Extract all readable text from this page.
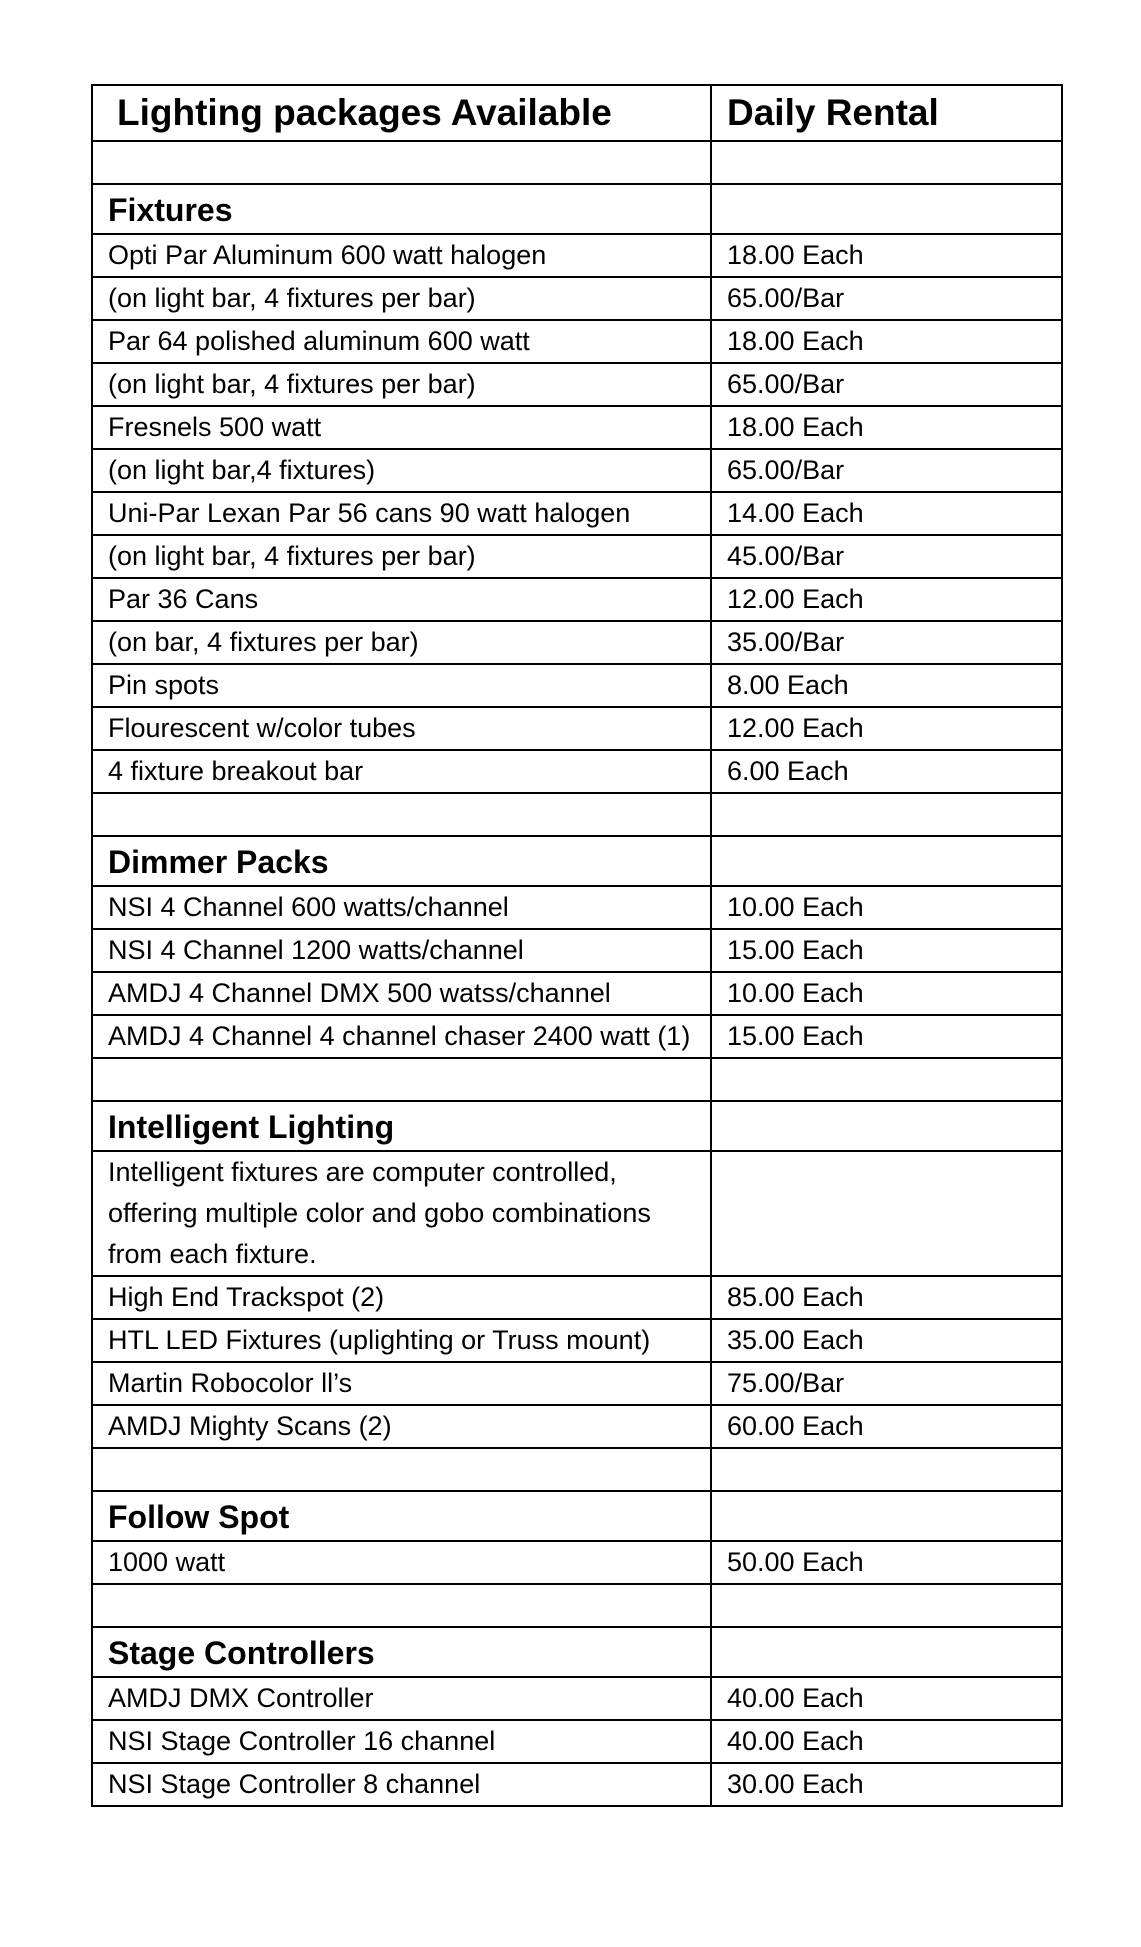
Lighting packages Available	Daily Rental

Fixtures	
Opti Par Aluminum 600 watt halogen	18.00 Each
(on light bar, 4 fixtures per bar)	65.00/Bar
Par 64 polished aluminum 600 watt	18.00 Each
(on light bar, 4 fixtures per bar)	65.00/Bar
Fresnels 500 watt	18.00 Each
(on light bar,4 fixtures)	65.00/Bar
Uni-Par Lexan Par 56 cans 90 watt halogen	14.00 Each
(on light bar, 4 fixtures per bar)	45.00/Bar
Par 36 Cans	12.00 Each
(on bar, 4 fixtures per bar)	35.00/Bar
Pin spots	8.00 Each
Flourescent w/color tubes	12.00 Each
4 fixture breakout bar	6.00 Each

Dimmer Packs	
NSI 4 Channel 600 watts/channel	10.00 Each
NSI 4 Channel 1200 watts/channel	15.00 Each
AMDJ 4 Channel DMX 500 watss/channel	10.00 Each
AMDJ 4 Channel 4 channel chaser 2400 watt (1)	15.00 Each

Intelligent Lighting	
Intelligent fixtures are computer controlled, offering multiple color and gobo combinations from each fixture.	
High End Trackspot (2)	85.00 Each
HTL LED Fixtures (uplighting or Truss mount)	35.00 Each
Martin Robocolor ll’s	75.00/Bar
AMDJ Mighty Scans (2)	60.00 Each

Follow Spot	
1000 watt	50.00 Each

Stage Controllers	
AMDJ DMX Controller	40.00 Each
NSI Stage Controller 16 channel	40.00 Each
NSI Stage Controller 8 channel	30.00 Each
